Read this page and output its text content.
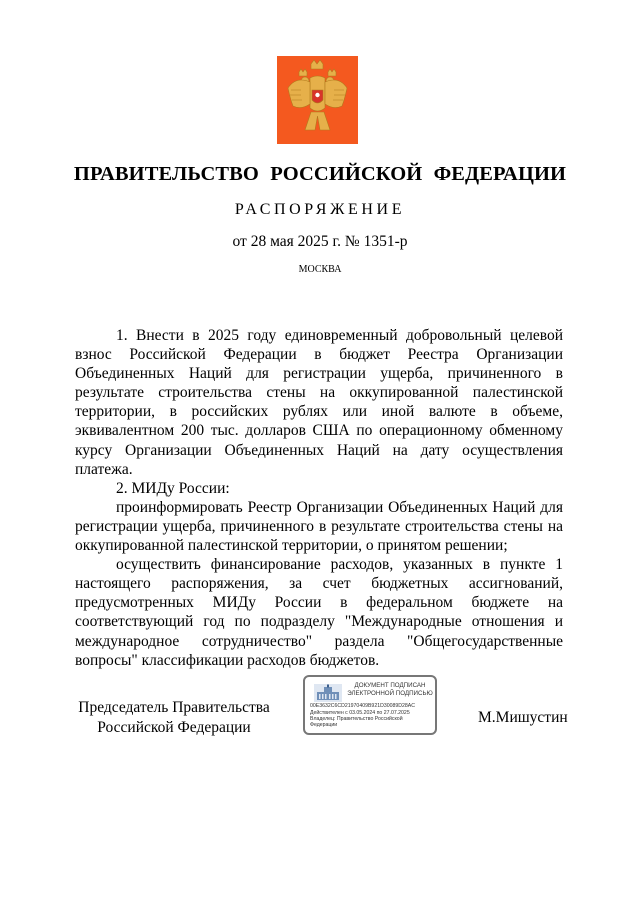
ПРАВИТЕЛЬСТВО РОССИЙСКОЙ ФЕДЕРАЦИИ
РАСПОРЯЖЕНИЕ
от 28 мая 2025 г. № 1351-р
МОСКВА

1. Внести в 2025 году единовременный добровольный целевой взнос Российской Федерации в бюджет Реестра Организации Объединенных Наций для регистрации ущерба, причиненного в результате строительства стены на оккупированной палестинской территории, в российских рублях или иной валюте в объеме, эквивалентном 200 тыс. долларов США по операционному обменному курсу Организации Объединенных Наций на дату осуществления платежа.

2. МИДу России:

проинформировать Реестр Организации Объединенных Наций для регистрации ущерба, причиненного в результате строительства стены на оккупированной палестинской территории, о принятом решении;

осуществить финансирование расходов, указанных в пункте 1 настоящего распоряжения, за счет бюджетных ассигнований, предусмотренных МИДу России в федеральном бюджете на соответствующий год по подразделу "Международные отношения и международное сотрудничество" раздела "Общегосударственные вопросы" классификации расходов бюджетов.

Председатель Правительства
Российской Федерации
ДОКУМЕНТ ПОДПИСАН
ЭЛЕКТРОННОЙ ПОДПИСЬЮ
00E3632C6CD21970409B921D30089D28AC
Действителен с 03.05.2024 по 27.07.2025
Владелец: Правительство Российской
Федерации	М.Мишустин
